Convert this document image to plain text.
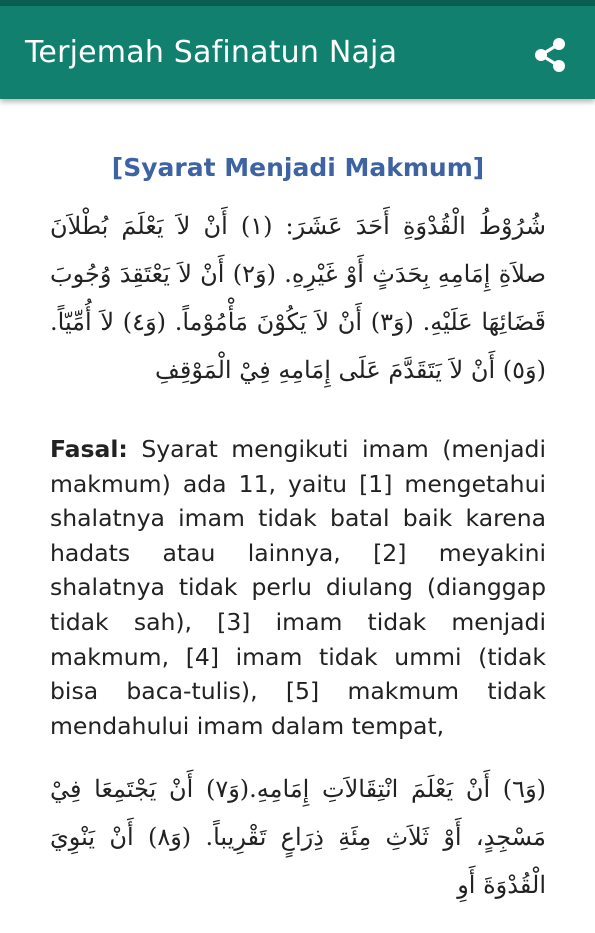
Terjemah Safinatun Naja
[Syarat Menjadi Makmum]
شُرُوْطُ الْقُدْوَةِ أَحَدَ عَشَرَ: (١) أَنْ لاَ يَعْلَمَ بُطْلاَنَ صلاَةِ إِمَامِهِ بِحَدَثٍ أَوْ غَيْرِهِ. (وَ٢) أَنْ لاَ يَعْتَقِدَ وُجُوبَ قَضَائِهَا عَلَيْهِ. (وَ٣) أَنْ لاَ يَكُوْنَ مَأْمُوْماً. (وَ٤) لاَ أُمِّيّاً. (وَ٥) أَنْ لاَ يَتَقَدَّمَ عَلَى إِمَامِهِ فِيْ الْمَوْقِفِ
Fasal: Syarat mengikuti imam (menjadi makmum) ada 11, yaitu [1] mengetahui shalatnya imam tidak batal baik karena hadats atau lainnya, [2] meyakini shalatnya tidak perlu diulang (dianggap tidak sah), [3] imam tidak menjadi makmum, [4] imam tidak ummi (tidak bisa baca-tulis), [5] makmum tidak mendahului imam dalam tempat,
(وَ٦) أَنْ يَعْلَمَ انْتِقَالاَتِ إِمَامِهِ.(وَ٧) أَنْ يَجْتَمِعَا فِيْ مَسْجِدٍ، أَوْ ثَلاَثِ مِئَةِ ذِرَاعٍ تَقْرِيباً. (وَ٨) أَنْ يَنْوِيَ الْقُدْوَةَ أَوِ
